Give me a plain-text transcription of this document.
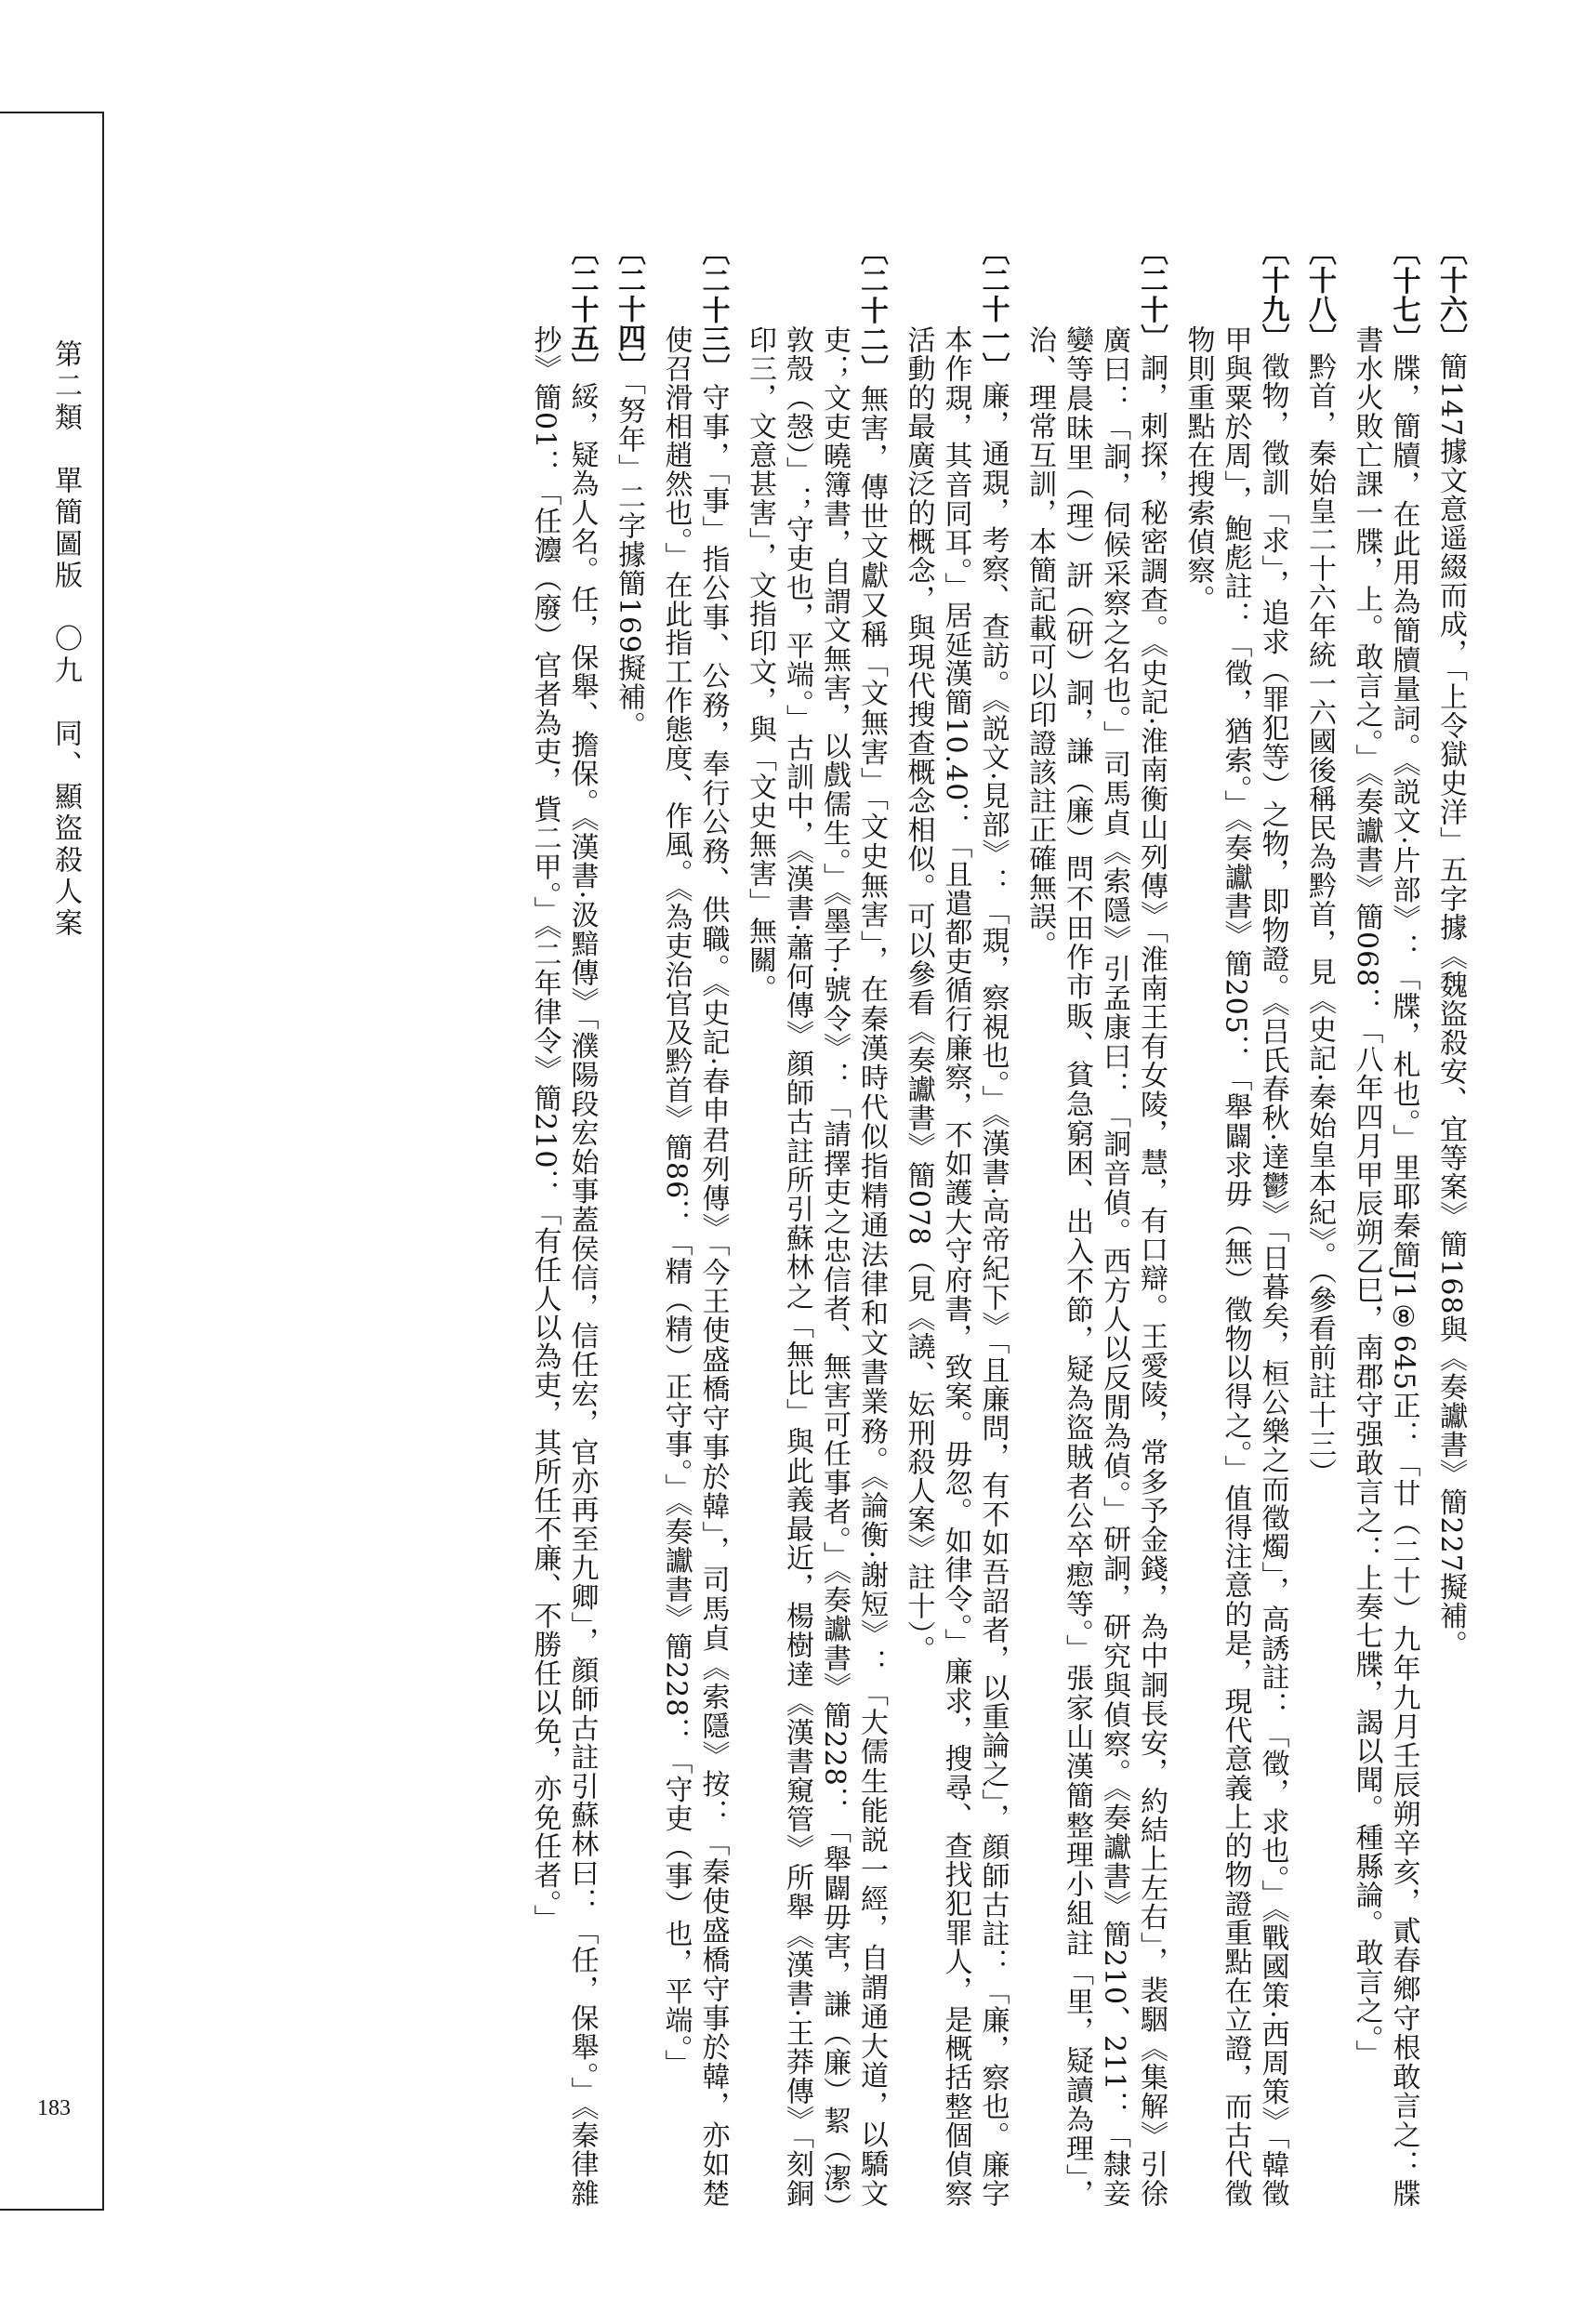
第二類　單簡圖版　〇九　同、顯盜殺人案
183

〔十六〕簡147據文意遥綴而成，「上令獄史洋」五字據《魏盜殺安、宜等案》簡168與《奏讞書》簡227擬補。

〔十七〕牒，簡牘，在此用為簡牘量詞。《説文·片部》：「牒，札也。」里耶秦簡J1⑧645正：「廿（二十）九年九月壬辰朔辛亥，貳春鄉守根敢言之：牒書水火敗亡課一牒，上。敢言之。」《奏讞書》簡068：「八年四月甲辰朔乙巳，南郡守强敢言之：上奏七牒，謁以聞。種縣論。敢言之。」

〔十八〕黔首，秦始皇二十六年統一六國後稱民為黔首，見《史記·秦始皇本紀》。（參看前註十三）

〔十九〕徵物，徵訓「求」，追求（罪犯等）之物，即物證。《吕氏春秋·達鬱》「日暮矣，桓公樂之而徵燭」，高誘註：「徵，求也。」《戰國策·西周策》「韓徵甲與粟於周」，鮑彪註：「徵，猶索。」《奏讞書》簡205：「舉闢求毋（無）徵物以得之。」值得注意的是，現代意義上的物證重點在立證，而古代徵物則重點在搜索偵察。

〔二十〕詗，刺探，秘密調查。《史記·淮南衡山列傳》「淮南王有女陵，慧，有口辯。王愛陵，常多予金錢，為中詗長安，約結上左右」，裴駰《集解》引徐廣曰：「詗，伺候采察之名也。」司馬貞《索隱》引孟康曰：「詗音偵。西方人以反閒為偵。」研詗，研究與偵察。《奏讞書》簡210、211：「隸妾孌等晨昧里（理）訮（研）詗，謙（廉）問不田作市販、貧急窮困、出入不節，疑為盜賊者公卒瘛等。」張家山漢簡整理小組註「里，疑讀為理」，治、理常互訓，本簡記載可以印證該註正確無誤。

〔二十一〕廉，通覝，考察、查訪。《説文·見部》：「覝，察視也。」《漢書·高帝紀下》「且廉問，有不如吾詔者，以重論之」，顔師古註：「廉，察也。廉字本作覝，其音同耳。」居延漢簡10.40：「且遣都吏循行廉察，不如護大守府書，致案。毋忽。如律令。」廉求，搜尋、查找犯罪人，是概括整個偵察活動的最廣泛的概念，與現代搜查概念相似。可以參看《奏讞書》簡078（見《譊、妘刑殺人案》註十）。

〔二十二〕無害，傳世文獻又稱「文無害」「文史無害」，在秦漢時代似指精通法律和文書業務。《論衡·謝短》：「大儒生能説一經，自謂通大道，以驕文吏；文吏曉簿書，自謂文無害，以戲儒生。」《墨子·號令》：「請擇吏之忠信者、無害可任事者。」《奏讞書》簡228：「舉闢毋害，謙（廉）絜（潔）敦殼（愨）」；守吏也，平端。」古訓中，《漢書·蕭何傳》顔師古註所引蘇林之「無比」與此義最近，楊樹達《漢書窺管》所舉《漢書·王莽傳》「刻銅印三，文意甚害」，文指印文，與「文史無害」無關。

〔二十三〕守事，「事」指公事、公務，奉行公務、供職。《史記·春申君列傳》「今王使盛橋守事於韓」，司馬貞《索隱》按：「秦使盛橋守事於韓，亦如楚使召滑相趙然也。」在此指工作態度、作風。《為吏治官及黔首》簡86：「精（精）正守事。」《奏讞書》簡228：「守吏（事）也，平端。」

〔二十四〕「努年」二字據簡169擬補。

〔二十五〕綏，疑為人名。任，保舉、擔保。《漢書·汲黯傳》「濮陽段宏始事蓋侯信，信任宏，官亦再至九卿」，顔師古註引蘇林曰：「任，保舉。」《秦律雜抄》簡01：「任灋（廢）官者為吏，貲二甲。」《二年律令》簡210：「有任人以為吏，其所任不廉、不勝任以免，亦免任者。」
